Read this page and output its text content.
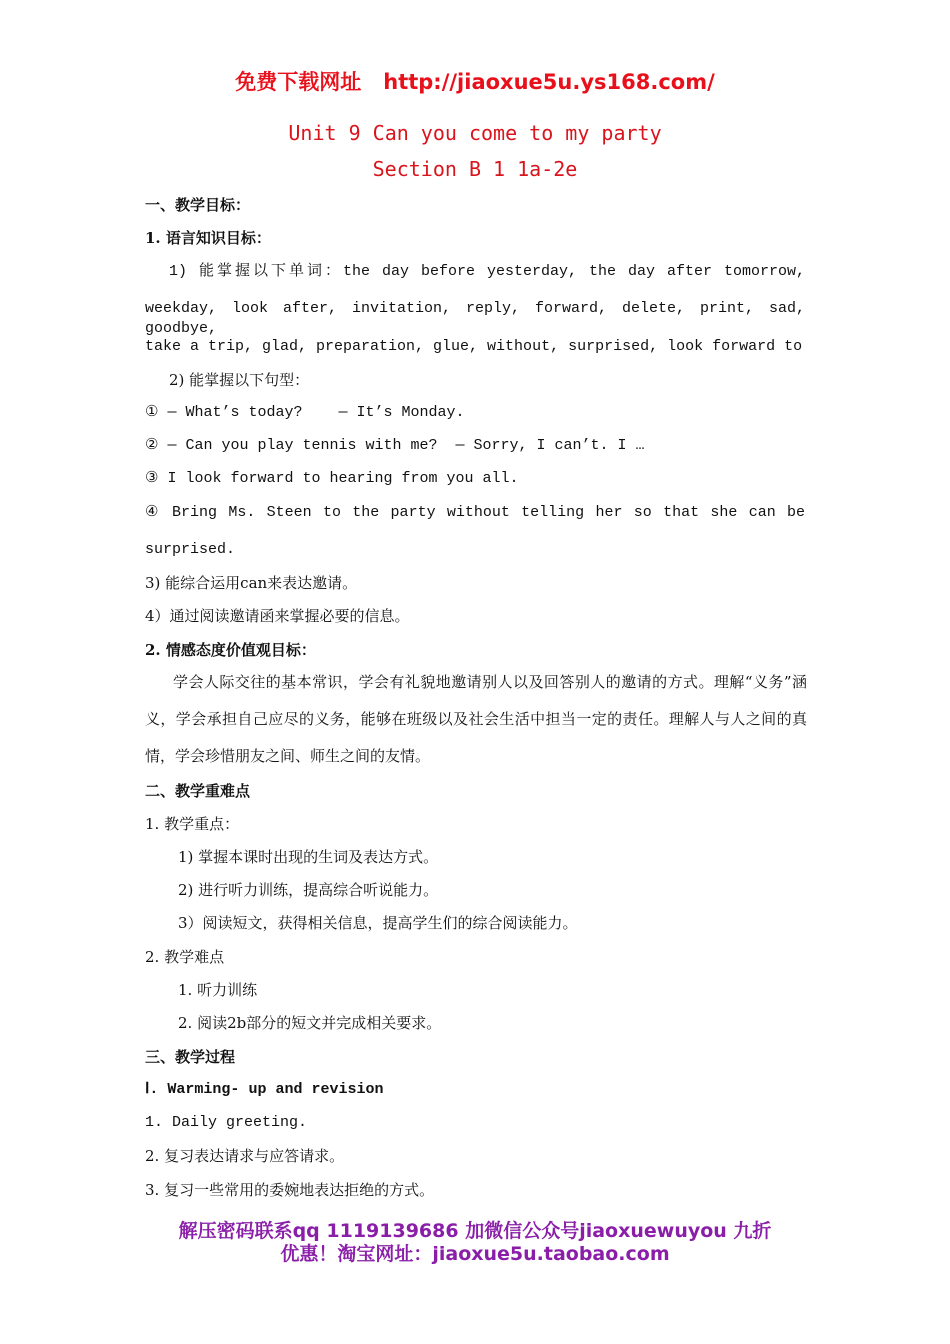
免费下载网址 http://jiaoxue5u.ys168.com/
Unit 9 Can you come to my party
Section B 1 1a-2e
一、教学目标：
1. 语言知识目标：
1) 能掌握以下单词：the day before yesterday, the day after tomorrow,
weekday, look after, invitation, reply, forward, delete, print, sad, goodbye,
take a trip, glad, preparation, glue, without, surprised, look forward to
2) 能掌握以下句型：
① — What’s today?    — It’s Monday.
② — Can you play tennis with me?  — Sorry, I can’t. I …
③ I look forward to hearing from you all.
④ Bring Ms. Steen to the party without telling her so that she can be
surprised.
3) 能综合运用can来表达邀请。
4）通过阅读邀请函来掌握必要的信息。
2. 情感态度价值观目标：
学会人际交往的基本常识，学会有礼貌地邀请别人以及回答别人的邀请的方式。理解“义务”涵义，学会承担自己应尽的义务，能够在班级以及社会生活中担当一定的责任。理解人与人之间的真情，学会珍惜朋友之间、师生之间的友情。
二、教学重难点
1. 教学重点：
1) 掌握本课时出现的生词及表达方式。
2) 进行听力训练，提高综合听说能力。
3）阅读短文，获得相关信息，提高学生们的综合阅读能力。
2. 教学难点
1. 听力训练
2. 阅读2b部分的短文并完成相关要求。
三、教学过程
Ⅰ. Warming- up and revision
1. Daily greeting.
2. 复习表达请求与应答请求。
3. 复习一些常用的委婉地表达拒绝的方式。
解压密码联系qq 1119139686 加微信公众号jiaoxuewuyou 九折
优惠！淘宝网址：jiaoxue5u.taobao.com
